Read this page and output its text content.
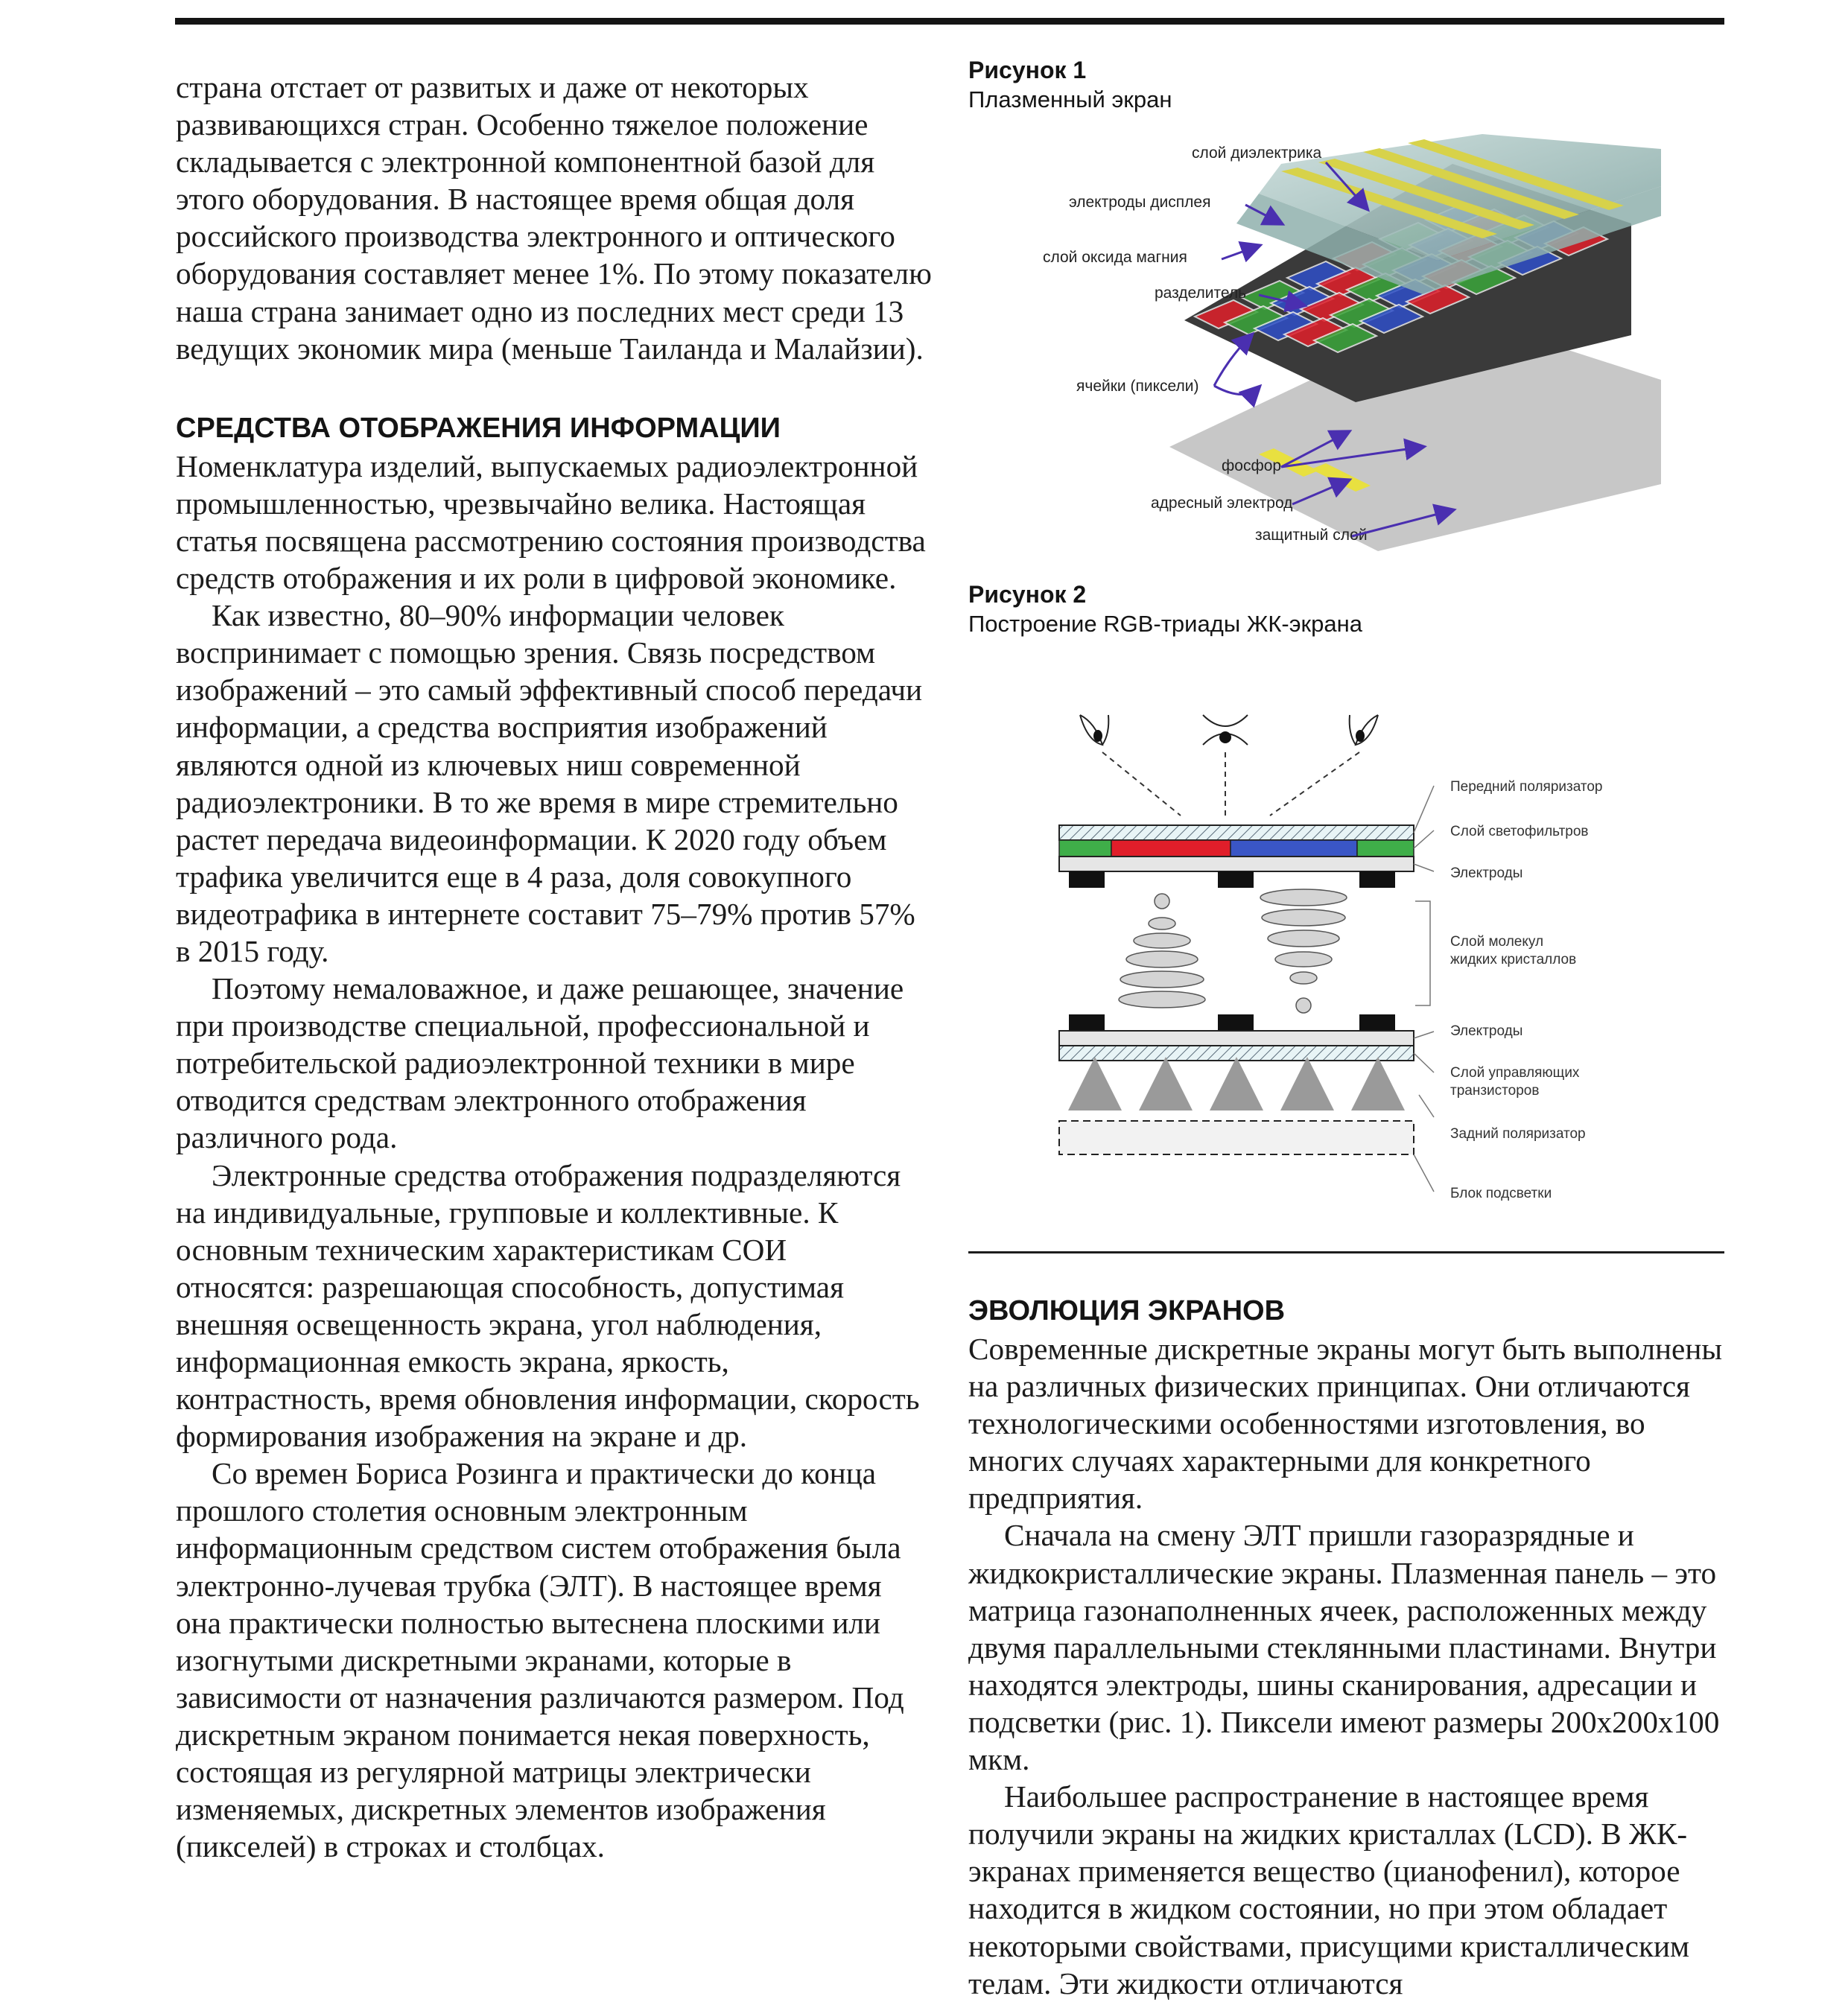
страна отстает от развитых и даже от некоторых развивающихся стран. Особенно тяжелое положение складывается с электронной компонентной базой для этого оборудования. В настоящее время общая доля российского производства электронного и оптического оборудования составляет менее 1%. По этому показателю наша страна занимает одно из последних мест среди 13 ведущих экономик мира (меньше Таиланда и Малайзии).

СРЕДСТВА ОТОБРАЖЕНИЯ ИНФОРМАЦИИ

Номенклатура изделий, выпускаемых радиоэлектронной промышленностью, чрезвычайно велика. Настоящая статья посвящена рассмотрению состояния производства средств отображения и их роли в цифровой экономике.

Как известно, 80–90% информации человек воспринимает с помощью зрения. Связь посредством изображений – это самый эффективный способ передачи информации, а средства восприятия изображений являются одной из ключевых ниш современной радиоэлектроники. В то же время в мире стремительно растет передача видеоинформации. К 2020 году объем трафика увеличится еще в 4 раза, доля совокупного видеотрафика в интернете составит 75–79% против 57% в 2015 году.

Поэтому немаловажное, и даже решающее, значение при производстве специальной, профессиональной и потребительской радиоэлектронной техники в мире отводится средствам электронного отображения различного рода.

Электронные средства отображения подразделяются на индивидуальные, групповые и коллективные. К основным техническим характеристикам СОИ относятся: разрешающая способность, допустимая внешняя освещенность экрана, угол наблюдения, информационная емкость экрана, яркость, контрастность, время обновления информации, скорость формирования изображения на экране и др.

Со времен Бориса Розинга и практически до конца прошлого столетия основным электронным информационным средством систем отображения была электронно-лучевая трубка (ЭЛТ). В настоящее время она практически полностью вытеснена плоскими или изогнутыми дискретными экранами, которые в зависимости от назначения различаются размером. Под дискретным экраном понимается некая поверхность, состоящая из регулярной матрицы электрически изменяемых, дискретных элементов изображения (пикселей) в строках и столбцах.

Рисунок 1
Плазменный экран
слой диэлектрика
электроды дисплея
слой оксида магния
разделитель
ячейки (пиксели)
фосфор
адресный электрод
защитный слой
Рисунок 2
Построение RGB-триады ЖК-экрана
Передний поляризатор
Слой светофильтров
Электроды
Слой молекул
жидких кристаллов
Электроды
Слой управляющих
транзисторов
Задний поляризатор
Блок подсветки
ЭВОЛЮЦИЯ ЭКРАНОВ

Современные дискретные экраны могут быть выполнены на различных физических принципах. Они отличаются технологическими особенностями изготовления, во многих случаях характерными для конкретного предприятия.

Сначала на смену ЭЛТ пришли газоразрядные и жидкокристаллические экраны. Плазменная панель – это матрица газонаполненных ячеек, расположенных между двумя параллельными стеклянными пластинами. Внутри находятся электроды, шины сканирования, адресации и подсветки (рис. 1). Пиксели имеют размеры 200x200x100 мкм.

Наибольшее распространение в настоящее время получили экраны на жидких кристаллах (LCD). В ЖК-экранах применяется вещество (цианофенил), которое находится в жидком состоянии, но при этом обладает некоторыми свойствами, присущими кристаллическим телам. Эти жидкости отличаются
